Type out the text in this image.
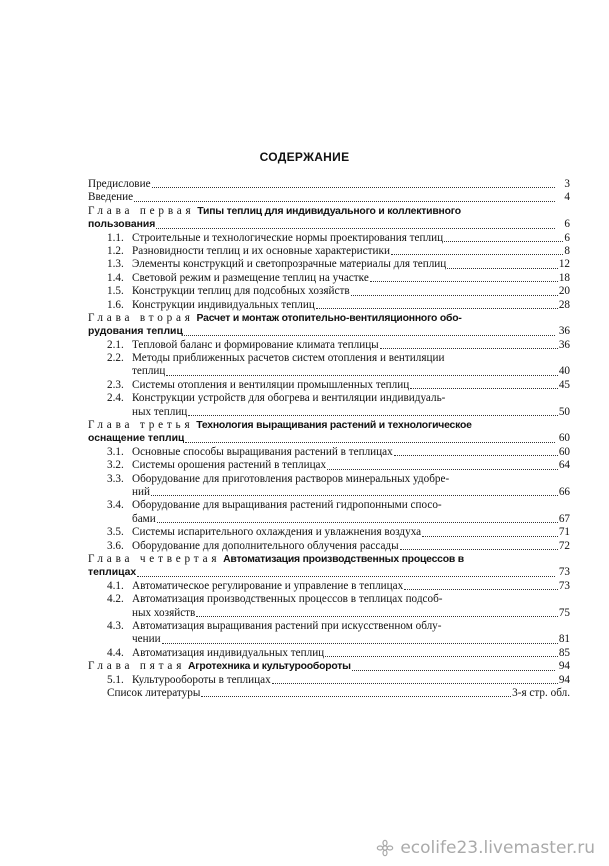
СОДЕРЖАНИЕ
Предисловие	3
Введение	4
Глава первая Типы теплиц для индивидуального и коллективного
пользования	6
1.1. Строительные и технологические нормы проектирования теплиц	6
1.2. Разновидности теплиц и их основные характеристики	8
1.3. Элементы конструкций и светопрозрачные материалы для теплиц	12
1.4. Световой режим и размещение теплиц на участке	18
1.5. Конструкции теплиц для подсобных хозяйств	20
1.6. Конструкции индивидуальных теплиц	28
Глава вторая Расчет и монтаж отопительно-вентиляционного обо-
рудования теплиц	36
2.1. Тепловой баланс и формирование климата теплицы	36
2.2. Методы приближенных расчетов систем отопления и вентиляции
теплиц	40
2.3. Системы отопления и вентиляции промышленных теплиц	45
2.4. Конструкции устройств для обогрева и вентиляции индивидуаль-
ных теплиц	50
Глава третья Технология выращивания растений и технологическое
оснащение теплиц	60
3.1. Основные способы выращивания растений в теплицах	60
3.2. Системы орошения растений в теплицах	64
3.3. Оборудование для приготовления растворов минеральных удобре-
ний	66
3.4. Оборудование для выращивания растений гидропонными спосо-
бами	67
3.5. Системы испарительного охлаждения и увлажнения воздуха	71
3.6. Оборудование для дополнительного облучения рассады	72
Глава четвертая Автоматизация производственных процессов в
теплицах	73
4.1. Автоматическое регулирование и управление в теплицах	73
4.2. Автоматизация производственных процессов в теплицах подсоб-
ных хозяйств	75
4.3. Автоматизация выращивания растений при искусственном облу-
чении	81
4.4. Автоматизация индивидуальных теплиц	85
Глава пятая Агротехника и культурообороты	94
5.1. Культурообороты в теплицах	94
Список литературы	3-я стр. обл.
ecolife23.livemaster.ru
